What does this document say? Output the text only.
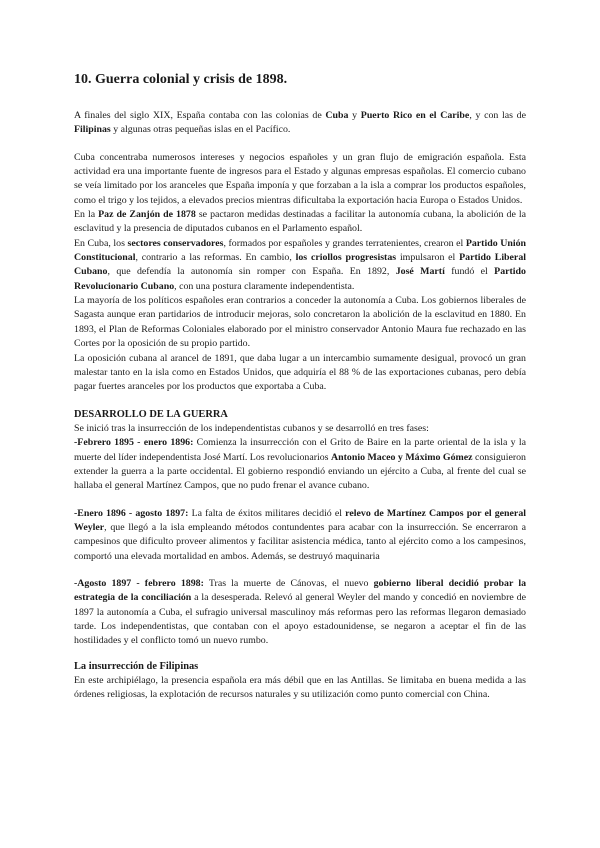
10. Guerra colonial y crisis de 1898.

A finales del siglo XIX, España contaba con las colonias de Cuba y Puerto Rico en el Caribe, y con las de Filipinas y algunas otras pequeñas islas en el Pacífico.

Cuba concentraba numerosos intereses y negocios españoles y un gran flujo de emigración española. Esta actividad era una importante fuente de ingresos para el Estado y algunas empresas españolas. El comercio cubano se veía limitado por los aranceles que España imponía y que forzaban a la isla a comprar los productos españoles, como el trigo y los tejidos, a elevados precios mientras dificultaba la exportación hacia Europa o Estados Unidos.

En la Paz de Zanjón de 1878 se pactaron medidas destinadas a facilitar la autonomía cubana, la abolición de la esclavitud y la presencia de diputados cubanos en el Parlamento español.

En Cuba, los sectores conservadores, formados por españoles y grandes terratenientes, crearon el Partido Unión Constitucional, contrario a las reformas. En cambio, los criollos progresistas impulsaron el Partido Liberal Cubano, que defendía la autonomía sin romper con España. En 1892, José Martí fundó el Partido Revolucionario Cubano, con una postura claramente independentista.

La mayoría de los políticos españoles eran contrarios a conceder la autonomía a Cuba. Los gobiernos liberales de Sagasta aunque eran partidarios de introducir mejoras, solo concretaron la abolición de la esclavitud en 1880. En 1893, el Plan de Reformas Coloniales elaborado por el ministro conservador Antonio Maura fue rechazado en las Cortes por la oposición de su propio partido.

La oposición cubana al arancel de 1891, que daba lugar a un intercambio sumamente desigual, provocó un gran malestar tanto en la isla como en Estados Unidos, que adquiría el 88 % de las exportaciones cubanas, pero debía pagar fuertes aranceles por los productos que exportaba a Cuba.

DESARROLLO DE LA GUERRA

Se inició tras la insurrección de los independentistas cubanos y se desarrolló en tres fases:

-Febrero 1895 - enero 1896: Comienza la insurrección con el Grito de Baire en la parte oriental de la isla y la muerte del líder independentista José Martí. Los revolucionarios Antonio Maceo y Máximo Gómez consiguieron extender la guerra a la parte occidental. El gobierno respondió enviando un ejército a Cuba, al frente del cual se hallaba el general Martínez Campos, que no pudo frenar el avance cubano.

-Enero 1896 - agosto 1897: La falta de éxitos militares decidió el relevo de Martínez Campos por el general Weyler, que llegó a la isla empleando métodos contundentes para acabar con la insurrección. Se encerraron a campesinos que dificulto proveer alimentos y facilitar asistencia médica, tanto al ejército como a los campesinos, comportó una elevada mortalidad en ambos. Además, se destruyó maquinaria

-Agosto 1897 - febrero 1898: Tras la muerte de Cánovas, el nuevo gobierno liberal decidió probar la estrategia de la conciliación a la desesperada. Relevó al general Weyler del mando y concedió en noviembre de 1897 la autonomía a Cuba, el sufragio universal masculinoy más reformas pero las reformas llegaron demasiado tarde. Los independentistas, que contaban con el apoyo estadounidense, se negaron a aceptar el fin de las hostilidades y el conflicto tomó un nuevo rumbo.

La insurrección de Filipinas

En este archipiélago, la presencia española era más débil que en las Antillas. Se limitaba en buena medida a las órdenes religiosas, la explotación de recursos naturales y su utilización como punto comercial con China.
